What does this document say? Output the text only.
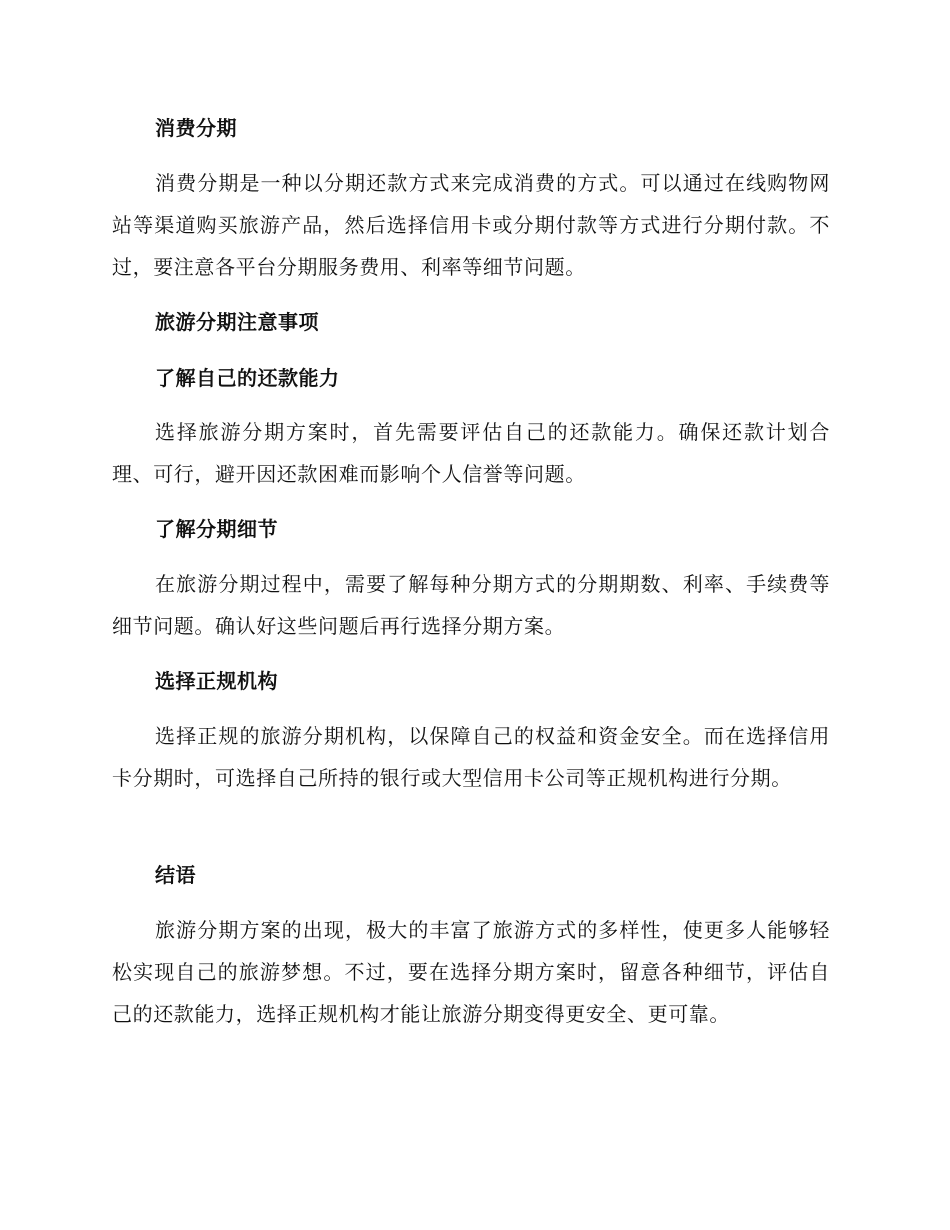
消费分期
消费分期是一种以分期还款方式来完成消费的方式。可以通过在线购物网站等渠道购买旅游产品，然后选择信用卡或分期付款等方式进行分期付款。不过，要注意各平台分期服务费用、利率等细节问题。
旅游分期注意事项
了解自己的还款能力
选择旅游分期方案时，首先需要评估自己的还款能力。确保还款计划合理、可行，避开因还款困难而影响个人信誉等问题。
了解分期细节
在旅游分期过程中，需要了解每种分期方式的分期期数、利率、手续费等细节问题。确认好这些问题后再行选择分期方案。
选择正规机构
选择正规的旅游分期机构，以保障自己的权益和资金安全。而在选择信用卡分期时，可选择自己所持的银行或大型信用卡公司等正规机构进行分期。
结语
旅游分期方案的出现，极大的丰富了旅游方式的多样性，使更多人能够轻松实现自己的旅游梦想。不过，要在选择分期方案时，留意各种细节，评估自己的还款能力，选择正规机构才能让旅游分期变得更安全、更可靠。
